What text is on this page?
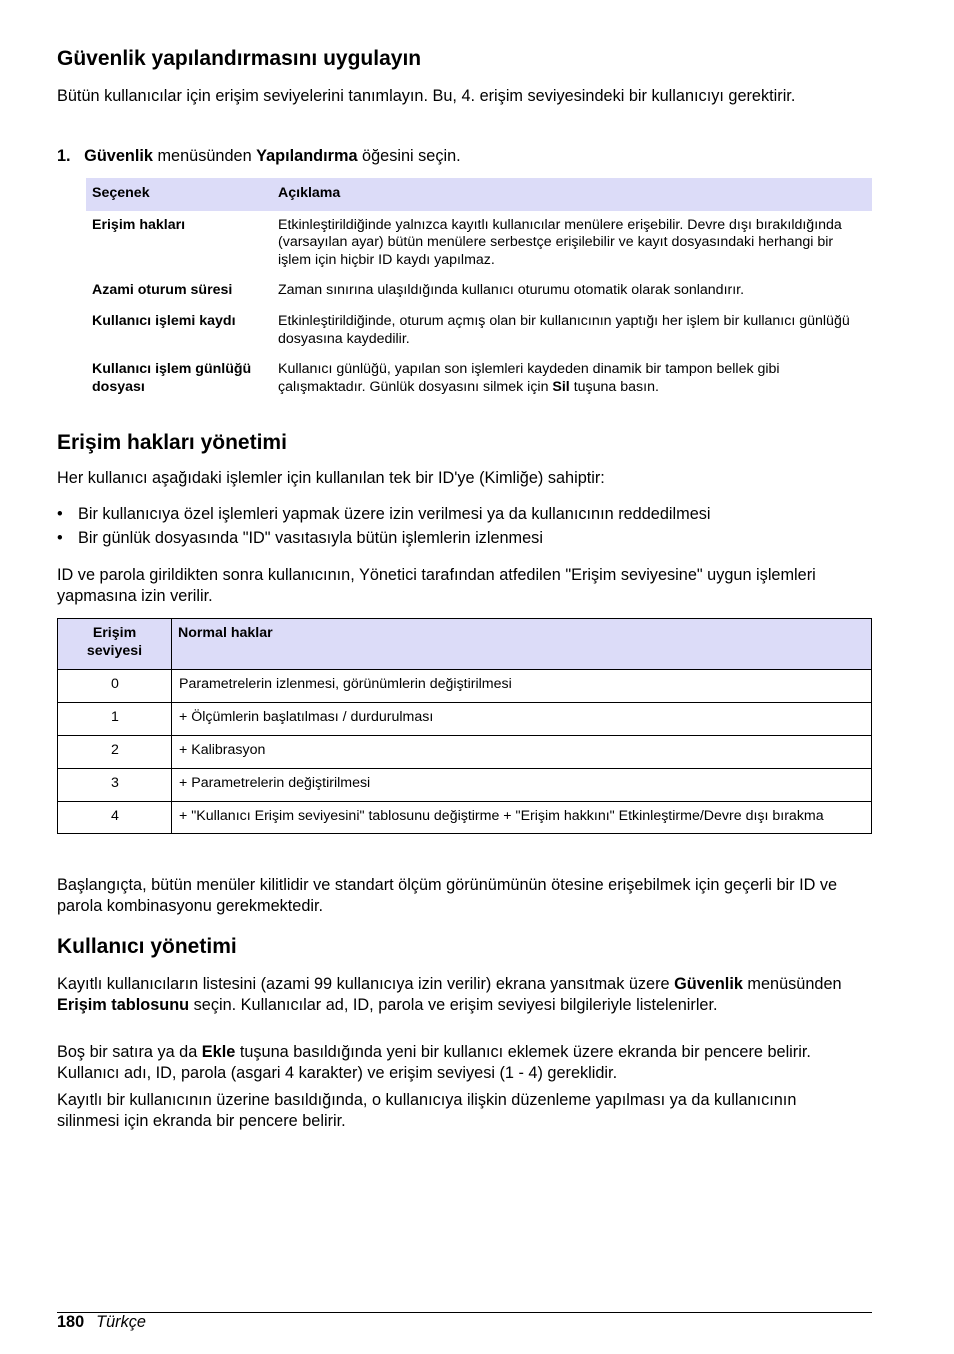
Güvenlik yapılandırmasını uygulayın

Bütün kullanıcılar için erişim seviyelerini tanımlayın. Bu, 4. erişim seviyesindeki bir kullanıcıyı gerektirir.

1. Güvenlik menüsünden Yapılandırma öğesini seçin.

Seçenek	Açıklama
Erişim hakları	Etkinleştirildiğinde yalnızca kayıtlı kullanıcılar menülere erişebilir. Devre dışı bırakıldığında (varsayılan ayar) bütün menülere serbestçe erişilebilir ve kayıt dosyasındaki herhangi bir işlem için hiçbir ID kaydı yapılmaz.
Azami oturum süresi	Zaman sınırına ulaşıldığında kullanıcı oturumu otomatik olarak sonlandırır.
Kullanıcı işlemi kaydı	Etkinleştirildiğinde, oturum açmış olan bir kullanıcının yaptığı her işlem bir kullanıcı günlüğü dosyasına kaydedilir.
Kullanıcı işlem günlüğü dosyası	Kullanıcı günlüğü, yapılan son işlemleri kaydeden dinamik bir tampon bellek gibi çalışmaktadır. Günlük dosyasını silmek için Sil tuşuna basın.
Erişim hakları yönetimi

Her kullanıcı aşağıdaki işlemler için kullanılan tek bir ID'ye (Kimliğe) sahiptir:

• Bir kullanıcıya özel işlemleri yapmak üzere izin verilmesi ya da kullanıcının reddedilmesi
• Bir günlük dosyasında "ID" vasıtasıyla bütün işlemlerin izlenmesi

ID ve parola girildikten sonra kullanıcının, Yönetici tarafından atfedilen "Erişim seviyesine" uygun işlemleri yapmasına izin verilir.

Erişim seviyesi	Normal haklar
0	Parametrelerin izlenmesi, görünümlerin değiştirilmesi
1	+ Ölçümlerin başlatılması / durdurulması
2	+ Kalibrasyon
3	+ Parametrelerin değiştirilmesi
4	+ "Kullanıcı Erişim seviyesini" tablosunu değiştirme + "Erişim hakkını" Etkinleştirme/Devre dışı bırakma

Başlangıçta, bütün menüler kilitlidir ve standart ölçüm görünümünün ötesine erişebilmek için geçerli bir ID ve parola kombinasyonu gerekmektedir.

Kullanıcı yönetimi

Kayıtlı kullanıcıların listesini (azami 99 kullanıcıya izin verilir) ekrana yansıtmak üzere Güvenlik menüsünden Erişim tablosunu seçin. Kullanıcılar ad, ID, parola ve erişim seviyesi bilgileriyle listelenirler.

Boş bir satıra ya da Ekle tuşuna basıldığında yeni bir kullanıcı eklemek üzere ekranda bir pencere belirir. Kullanıcı adı, ID, parola (asgari 4 karakter) ve erişim seviyesi (1 - 4) gereklidir.

Kayıtlı bir kullanıcının üzerine basıldığında, o kullanıcıya ilişkin düzenleme yapılması ya da kullanıcının silinmesi için ekranda bir pencere belirir.

180 Türkçe
